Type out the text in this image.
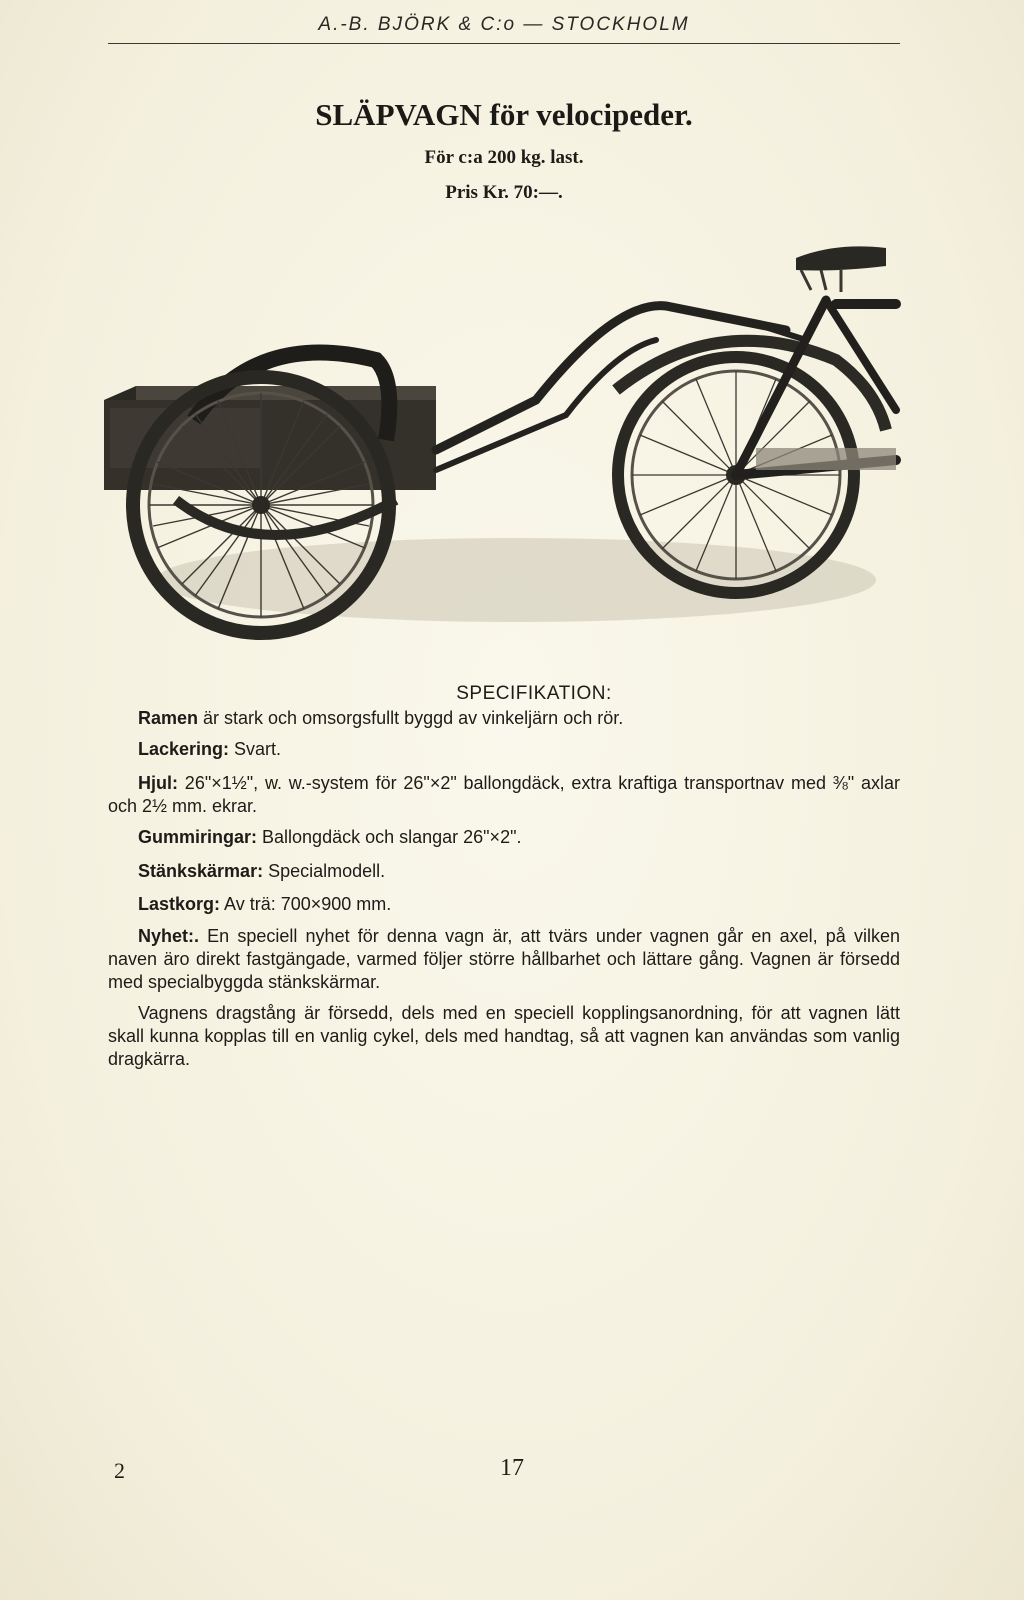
A.-B. BJÖRK & C:o — STOCKHOLM
SLÄPVAGN för velocipeder.
För c:a 200 kg. last.
Pris Kr. 70:—.
SPECIFIKATION:
Ramen är stark och omsorgsfullt byggd av vinkeljärn och rör.
Lackering: Svart.
Hjul: 26"×1½", w. w.-system för 26"×2" ballongdäck, extra kraftiga transportnav med ⅜" axlar och 2½ mm. ekrar.
Gummiringar: Ballongdäck och slangar 26"×2".
Stänkskärmar: Specialmodell.
Lastkorg: Av trä: 700×900 mm.
Nyhet:. En speciell nyhet för denna vagn är, att tvärs under vagnen går en axel, på vilken naven äro direkt fastgängade, varmed följer större hållbarhet och lättare gång. Vagnen är försedd med specialbyggda stänkskärmar.
Vagnens dragstång är försedd, dels med en speciell kopplingsanordning, för att vagnen lätt skall kunna kopplas till en vanlig cykel, dels med handtag, så att vagnen kan användas som vanlig dragkärra.
2	17
